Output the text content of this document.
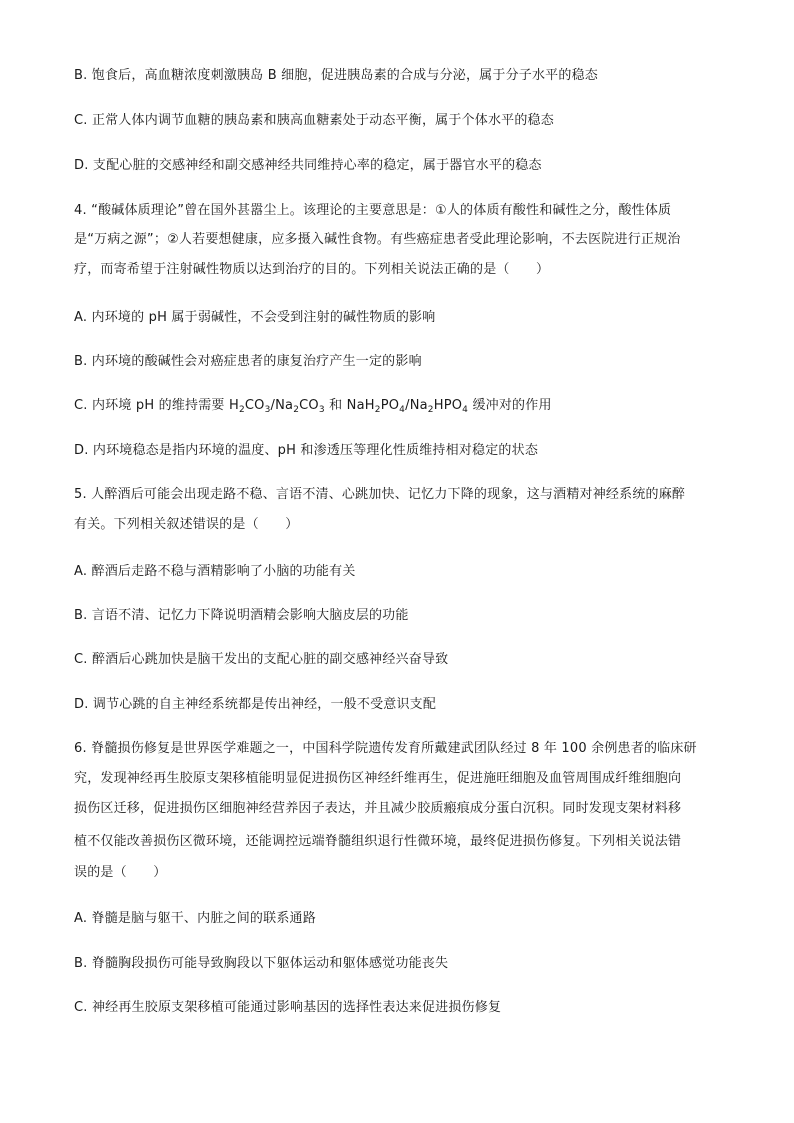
B. 饱食后，高血糖浓度刺激胰岛 B 细胞，促进胰岛素的合成与分泌，属于分子水平的稳态
C. 正常人体内调节血糖的胰岛素和胰高血糖素处于动态平衡，属于个体水平的稳态
D. 支配心脏的交感神经和副交感神经共同维持心率的稳定，属于器官水平的稳态
4. “酸碱体质理论”曾在国外甚嚣尘上。该理论的主要意思是：①人的体质有酸性和碱性之分，酸性体质
是“万病之源”；②人若要想健康，应多摄入碱性食物。有些癌症患者受此理论影响，不去医院进行正规治
疗，而寄希望于注射碱性物质以达到治疗的目的。下列相关说法正确的是（　　）
A. 内环境的 pH 属于弱碱性，不会受到注射的碱性物质的影响
B. 内环境的酸碱性会对癌症患者的康复治疗产生一定的影响
C. 内环境 pH 的维持需要 $H_2CO_3/Na_2CO_3$ 和 $NaH_2PO_4/Na_2HPO_4$ 缓冲对的作用
D. 内环境稳态是指内环境的温度、pH 和渗透压等理化性质维持相对稳定的状态
5. 人醉酒后可能会出现走路不稳、言语不清、心跳加快、记忆力下降的现象，这与酒精对神经系统的麻醉
有关。下列相关叙述错误的是（　　）
A. 醉酒后走路不稳与酒精影响了小脑的功能有关
B. 言语不清、记忆力下降说明酒精会影响大脑皮层的功能
C. 醉酒后心跳加快是脑干发出的支配心脏的副交感神经兴奋导致
D. 调节心跳的自主神经系统都是传出神经，一般不受意识支配
6. 脊髓损伤修复是世界医学难题之一，中国科学院遗传发育所戴建武团队经过 8 年 100 余例患者的临床研
究，发现神经再生胶原支架移植能明显促进损伤区神经纤维再生，促进施旺细胞及血管周围成纤维细胞向
损伤区迁移，促进损伤区细胞神经营养因子表达，并且减少胶质瘢痕成分蛋白沉积。同时发现支架材料移
植不仅能改善损伤区微环境，还能调控远端脊髓组织退行性微环境，最终促进损伤修复。下列相关说法错
误的是（　　）
A. 脊髓是脑与躯干、内脏之间的联系通路
B. 脊髓胸段损伤可能导致胸段以下躯体运动和躯体感觉功能丧失
C. 神经再生胶原支架移植可能通过影响基因的选择性表达来促进损伤修复
